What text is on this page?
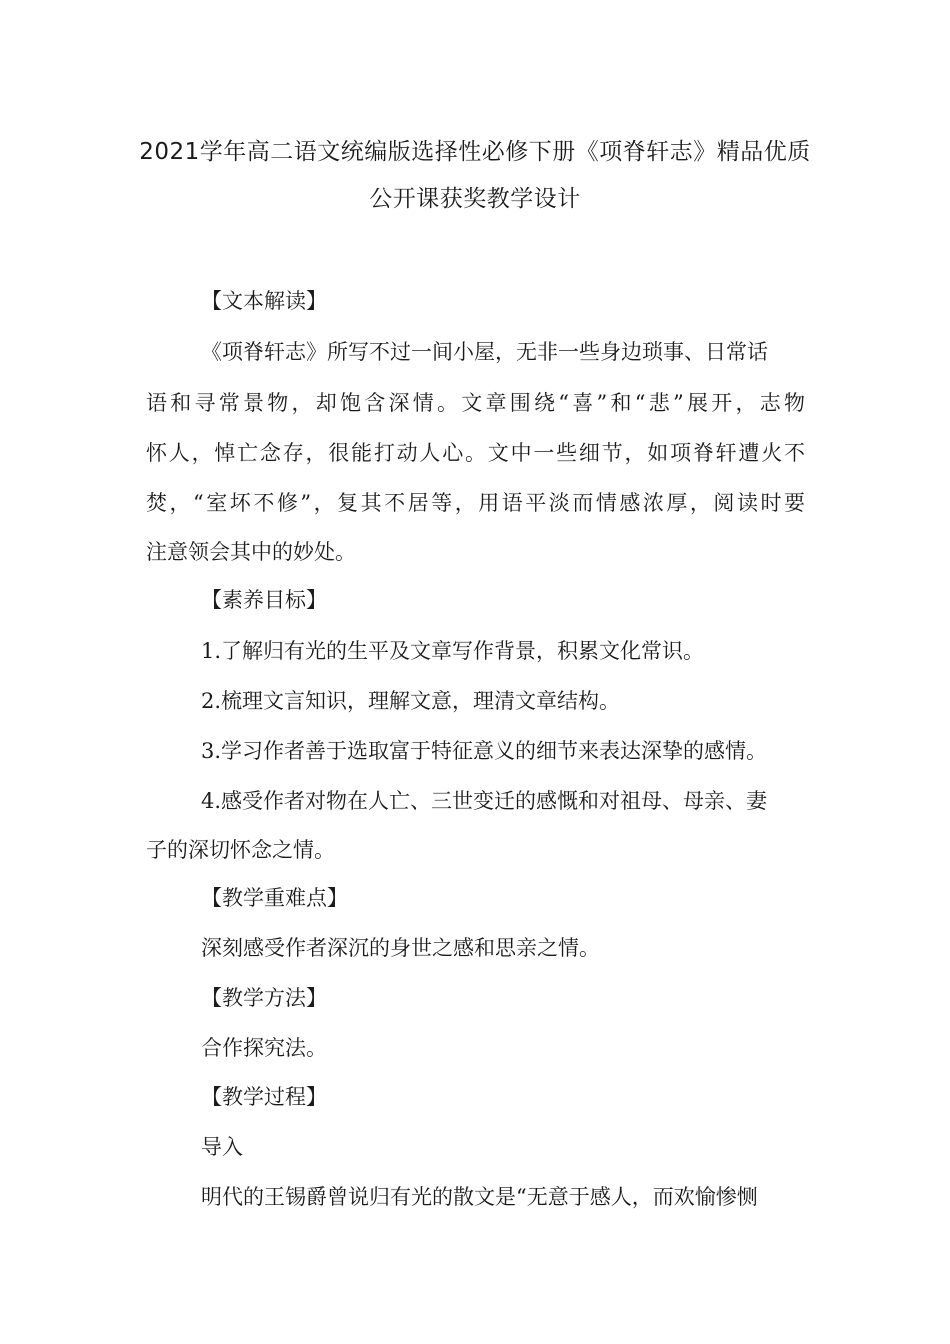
2021学年高二语文统编版选择性必修下册《项脊轩志》精品优质
公开课获奖教学设计
【文本解读】
《项脊轩志》所写不过一间小屋，无非一些身边琐事、日常话
语和寻常景物，却饱含深情。文章围绕“喜”和“悲”展开，志物
怀人，悼亡念存，很能打动人心。文中一些细节，如项脊轩遭火不
焚，“室坏不修”，复其不居等，用语平淡而情感浓厚，阅读时要
注意领会其中的妙处。
【素养目标】
1.了解归有光的生平及文章写作背景，积累文化常识。
2.梳理文言知识，理解文意，理清文章结构。
3.学习作者善于选取富于特征意义的细节来表达深挚的感情。
4.感受作者对物在人亡、三世变迁的感慨和对祖母、母亲、妻
子的深切怀念之情。
【教学重难点】
深刻感受作者深沉的身世之感和思亲之情。
【教学方法】
合作探究法。
【教学过程】
导入
明代的王锡爵曾说归有光的散文是“无意于感人，而欢愉惨恻
